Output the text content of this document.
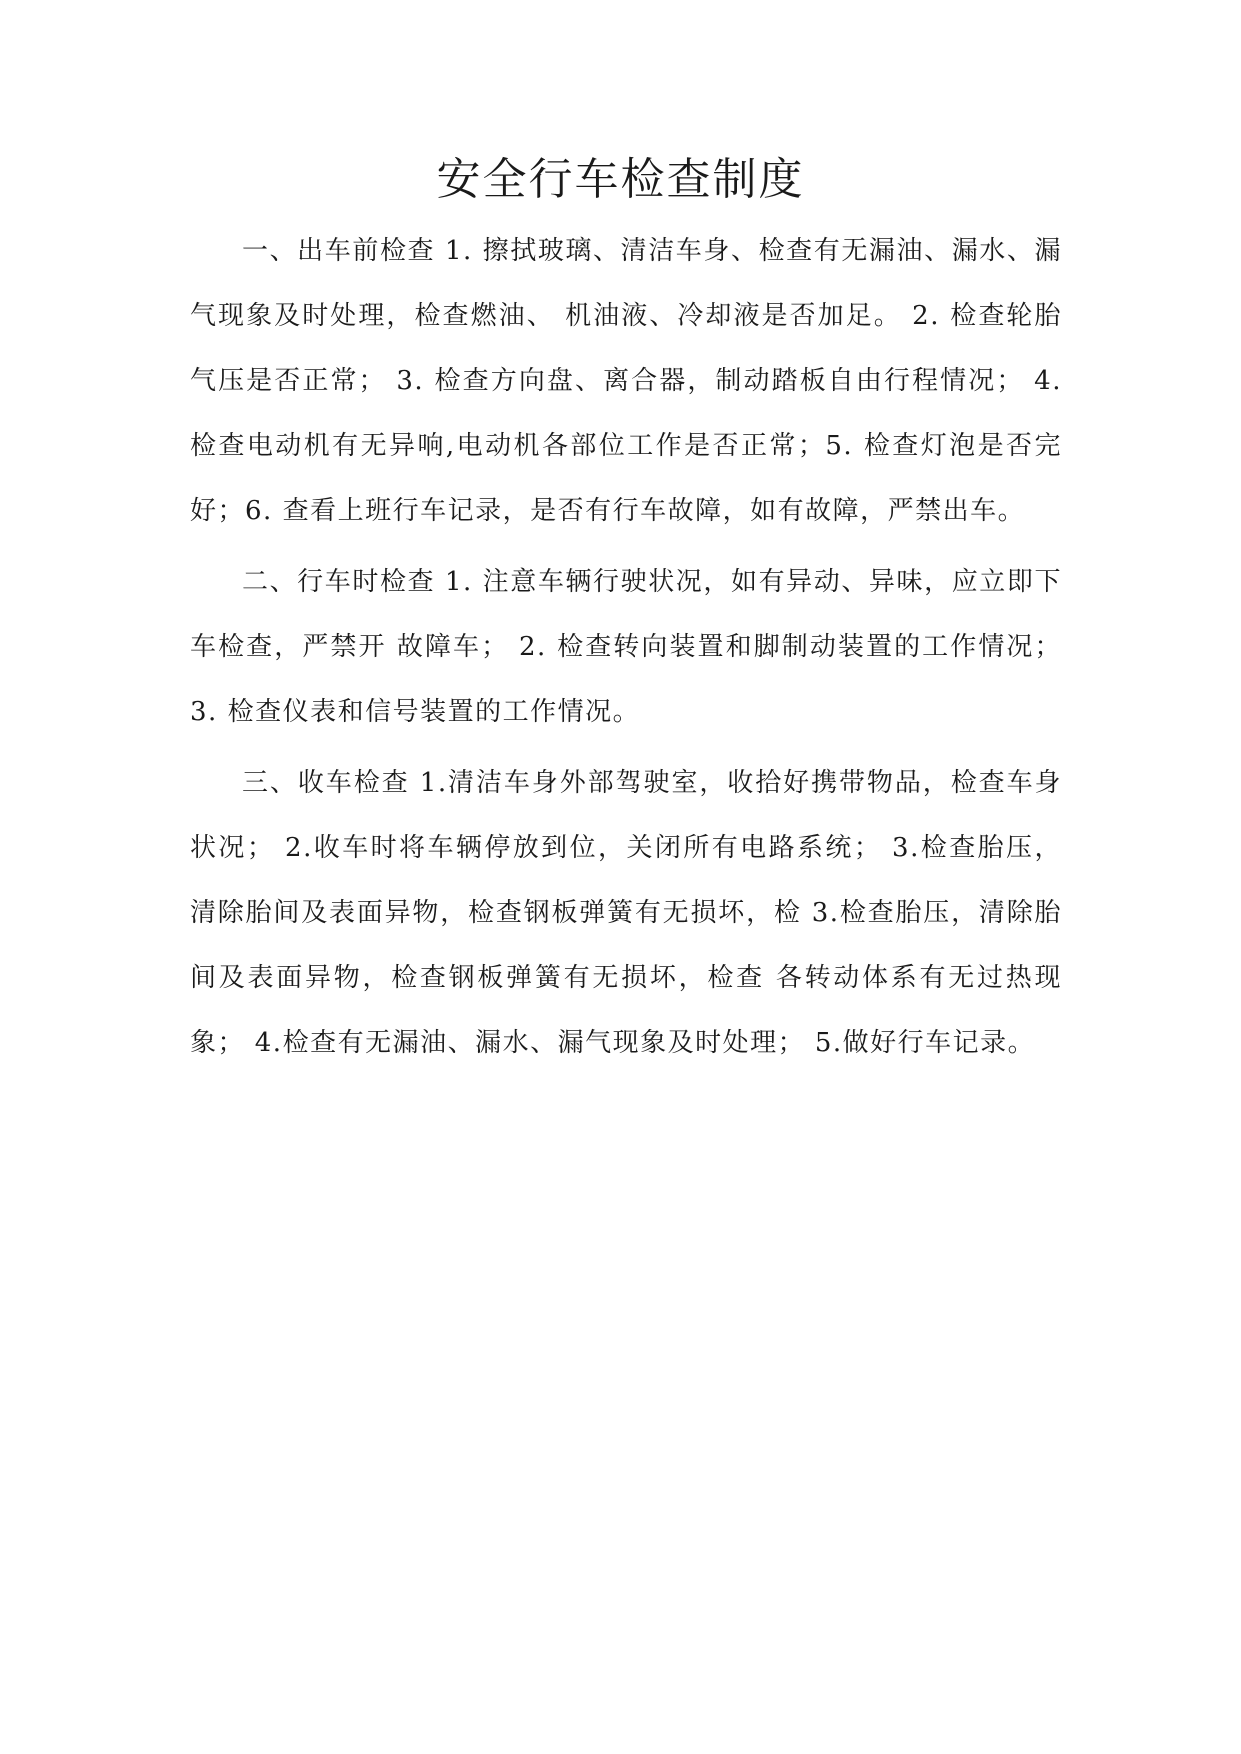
安全行车检查制度

一、出车前检查 1. 擦拭玻璃、清洁车身、检查有无漏油、漏水、漏气现象及时处理，检查燃油、 机油液、冷却液是否加足。 2. 检查轮胎气压是否正常； 3. 检查方向盘、离合器，制动踏板自由行程情况； 4. 检查电动机有无异响,电动机各部位工作是否正常；5. 检查灯泡是否完好；6. 查看上班行车记录，是否有行车故障，如有故障，严禁出车。

二、行车时检查 1. 注意车辆行驶状况，如有异动、异味，应立即下车检查，严禁开 故障车； 2. 检查转向装置和脚制动装置的工作情况； 3. 检查仪表和信号装置的工作情况。

三、收车检查 1.清洁车身外部驾驶室，收拾好携带物品，检查车身状况； 2.收车时将车辆停放到位，关闭所有电路系统； 3.检查胎压，清除胎间及表面异物，检查钢板弹簧有无损坏，检 3.检查胎压，清除胎间及表面异物，检查钢板弹簧有无损坏，检查 各转动体系有无过热现象； 4.检查有无漏油、漏水、漏气现象及时处理； 5.做好行车记录。
